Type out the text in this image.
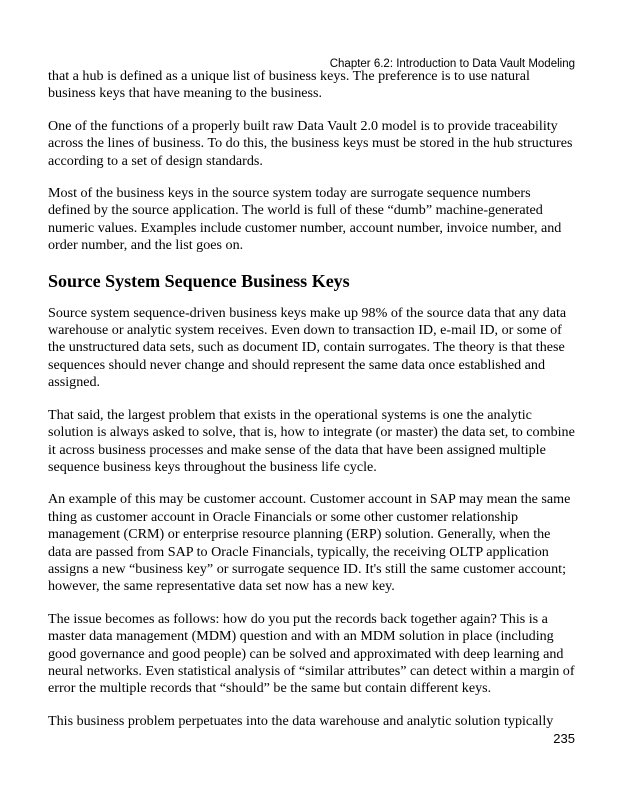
Chapter 6.2: Introduction to Data Vault Modeling

that a hub is defined as a unique list of business keys. The preference is to use natural business keys that have meaning to the business.

One of the functions of a properly built raw Data Vault 2.0 model is to provide traceability across the lines of business. To do this, the business keys must be stored in the hub structures according to a set of design standards.

Most of the business keys in the source system today are surrogate sequence numbers defined by the source application. The world is full of these “dumb” machine-generated numeric values. Examples include customer number, account number, invoice number, and order number, and the list goes on.

Source System Sequence Business Keys

Source system sequence-driven business keys make up 98% of the source data that any data warehouse or analytic system receives. Even down to transaction ID, e-mail ID, or some of the unstructured data sets, such as document ID, contain surrogates. The theory is that these sequences should never change and should represent the same data once established and assigned.

That said, the largest problem that exists in the operational systems is one the analytic solution is always asked to solve, that is, how to integrate (or master) the data set, to combine it across business processes and make sense of the data that have been assigned multiple sequence business keys throughout the business life cycle.

An example of this may be customer account. Customer account in SAP may mean the same thing as customer account in Oracle Financials or some other customer relationship management (CRM) or enterprise resource planning (ERP) solution. Generally, when the data are passed from SAP to Oracle Financials, typically, the receiving OLTP application assigns a new “business key” or surrogate sequence ID. It's still the same customer account; however, the same representative data set now has a new key.

The issue becomes as follows: how do you put the records back together again? This is a master data management (MDM) question and with an MDM solution in place (including good governance and good people) can be solved and approximated with deep learning and neural networks. Even statistical analysis of “similar attributes” can detect within a margin of error the multiple records that “should” be the same but contain different keys.

This business problem perpetuates into the data warehouse and analytic solution typically

235
